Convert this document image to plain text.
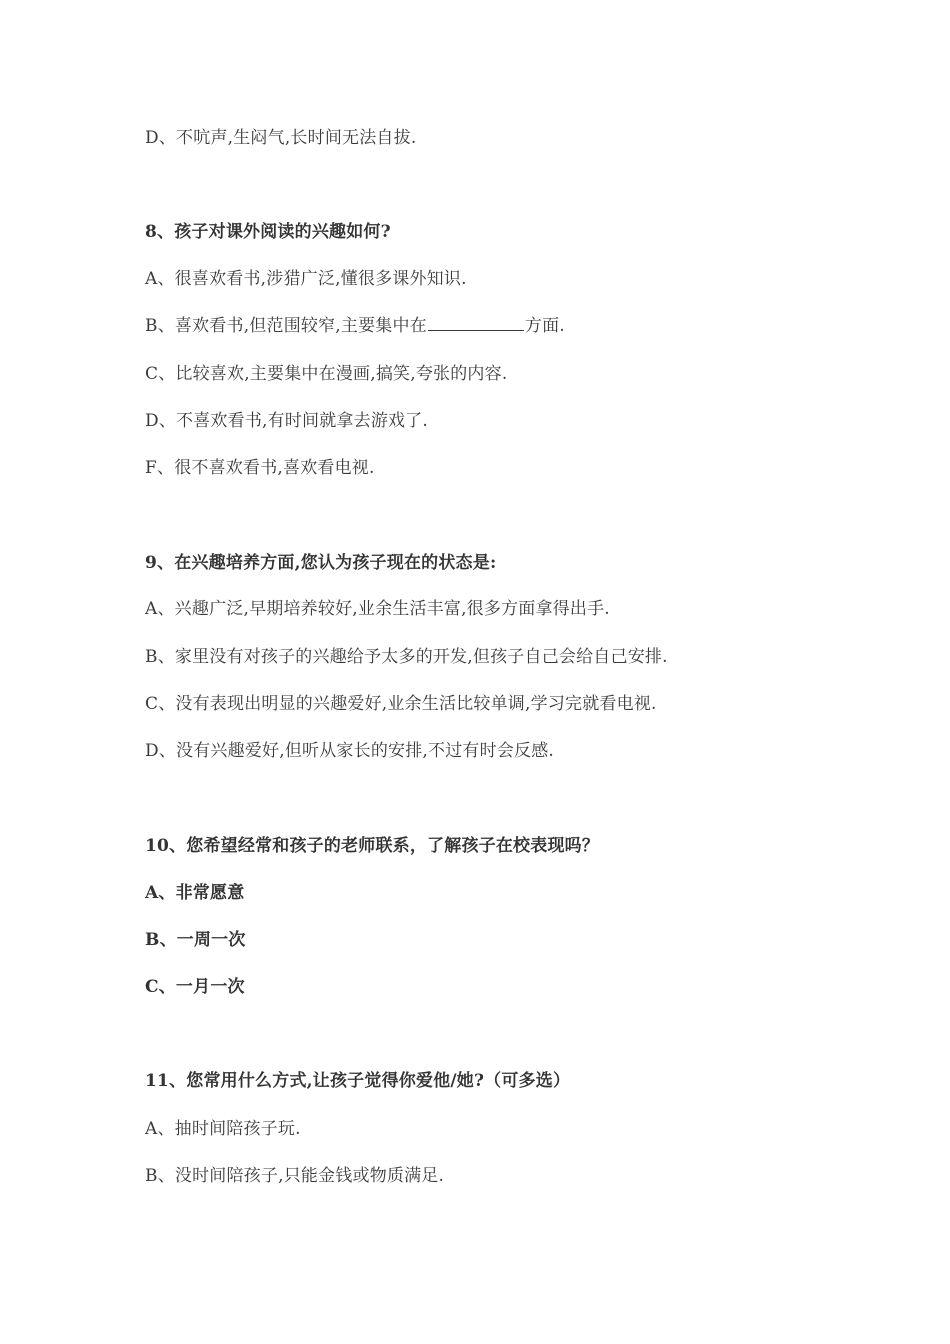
D、不吭声,生闷气,长时间无法自拔.
8、孩子对课外阅读的兴趣如何?
A、很喜欢看书,涉猎广泛,懂很多课外知识.
B、喜欢看书,但范围较窄,主要集中在	方面.
C、比较喜欢,主要集中在漫画,搞笑,夸张的内容.
D、不喜欢看书,有时间就拿去游戏了.
F、很不喜欢看书,喜欢看电视.
9、在兴趣培养方面,您认为孩子现在的状态是:
A、兴趣广泛,早期培养较好,业余生活丰富,很多方面拿得出手.
B、家里没有对孩子的兴趣给予太多的开发,但孩子自己会给自己安排.
C、没有表现出明显的兴趣爱好,业余生活比较单调,学习完就看电视.
D、没有兴趣爱好,但听从家长的安排,不过有时会反感.
10、您希望经常和孩子的老师联系，了解孩子在校表现吗？
A、非常愿意
B、一周一次
C、一月一次
11、您常用什么方式,让孩子觉得你爱他/她?（可多选）
A、抽时间陪孩子玩.
B、没时间陪孩子,只能金钱或物质满足.
